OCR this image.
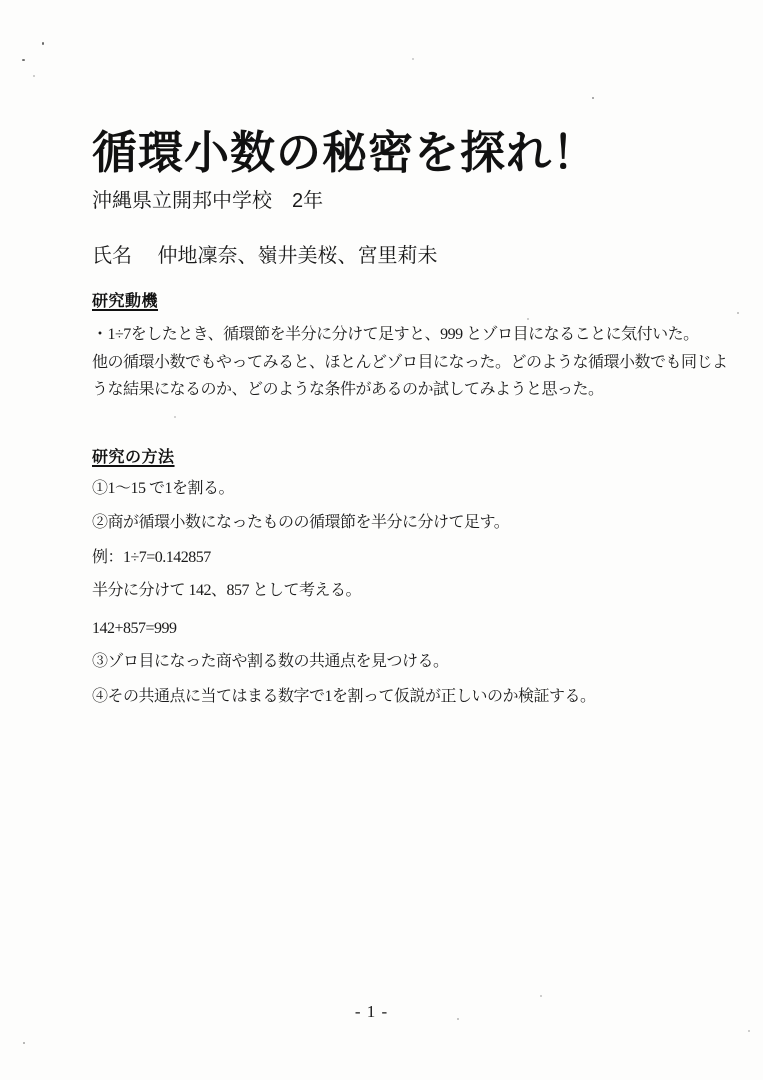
循環小数の秘密を探れ！
沖縄県立開邦中学校　2年
氏名　 仲地凜奈、嶺井美桜、宮里莉未
研究動機
・1÷7をしたとき、循環節を半分に分けて足すと、999 とゾロ目になることに気付いた。
他の循環小数でもやってみると、ほとんどゾロ目になった。どのような循環小数でも同じよ
うな結果になるのか、どのような条件があるのか試してみようと思った。
研究の方法
①1～15 で1を割る。
②商が循環小数になったものの循環節を半分に分けて足す。
例：1÷7=0.142857
半分に分けて 142、857 として考える。
142+857=999
③ゾロ目になった商や割る数の共通点を見つける。
④その共通点に当てはまる数字で1を割って仮説が正しいのか検証する。
- 1 -
